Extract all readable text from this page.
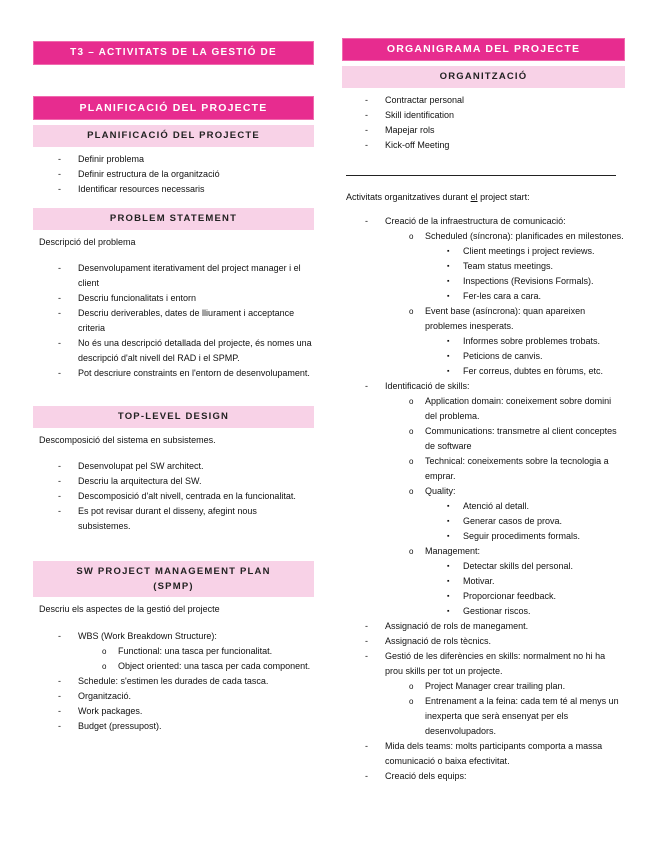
T3 – ACTIVITATS DE LA GESTIÓ DE PROJECTES
PLANIFICACIÓ DEL PROJECTE
PLANIFICACIÓ DEL PROJECTE
- Definir problema
- Definir estructura de la organització
- Identificar resources necessaris
PROBLEM STATEMENT
Descripció del problema
- Desenvolupament iterativament del project manager i el client
- Descriu funcionalitats i entorn
- Descriu deriverables, dates de lliurament i acceptance criteria
- No és una descripció detallada del projecte, és nomes una descripció d'alt nivell del RAD i el SPMP.
- Pot descriure constraints en l'entorn de desenvolupament.
TOP-LEVEL DESIGN
Descomposició del sistema en subsistemes.
- Desenvolupat pel SW architect.
- Descriu la arquitectura del SW.
- Descomposició d'alt nivell, centrada en la funcionalitat.
- Es pot revisar durant el disseny, afegint nous subsistemes.
SW PROJECT MANAGEMENT PLAN
(SPMP)
Descriu els aspectes de la gestió del projecte
- WBS (Work Breakdown Structure):
o Functional: una tasca per funcionalitat.
o Object oriented: una tasca per cada component.
- Schedule: s'estimen les durades de cada tasca.
- Organització.
- Work packages.
- Budget (pressupost).
ORGANIGRAMA DEL PROJECTE
ORGANITZACIÓ
- Contractar personal
- Skill identification
- Mapejar rols
- Kick-off Meeting
Activitats organitzatives durant el project start:
- Creació de la infraestructura de comunicació:
o Scheduled (síncrona): planificades en milestones.
▪ Client meetings i project reviews.
▪ Team status meetings.
▪ Inspections (Revisions Formals).
▪ Fer-les cara a cara.
o Event base (asíncrona): quan apareixen problemes inesperats.
▪ Informes sobre problemes trobats.
▪ Peticions de canvis.
▪ Fer correus, dubtes en fòrums, etc.
- Identificació de skills:
o Application domain: coneixement sobre domini del problema.
o Communications: transmetre al client conceptes de software
o Technical: coneixements sobre la tecnologia a emprar.
o Quality:
▪ Atenció al detall.
▪ Generar casos de prova.
▪ Seguir procediments formals.
o Management:
▪ Detectar skills del personal.
▪ Motivar.
▪ Proporcionar feedback.
▪ Gestionar riscos.
- Assignació de rols de manegament.
- Assignació de rols tècnics.
- Gestió de les diferències en skills: normalment no hi ha prou skills per tot un projecte.
o Project Manager crear trailing plan.
o Entrenament a la feina: cada tem té al menys un inexperta que serà ensenyat per els desenvolupadors.
- Mida dels teams: molts participants comporta a massa comunicació o baixa efectivitat.
- Creació dels equips:
